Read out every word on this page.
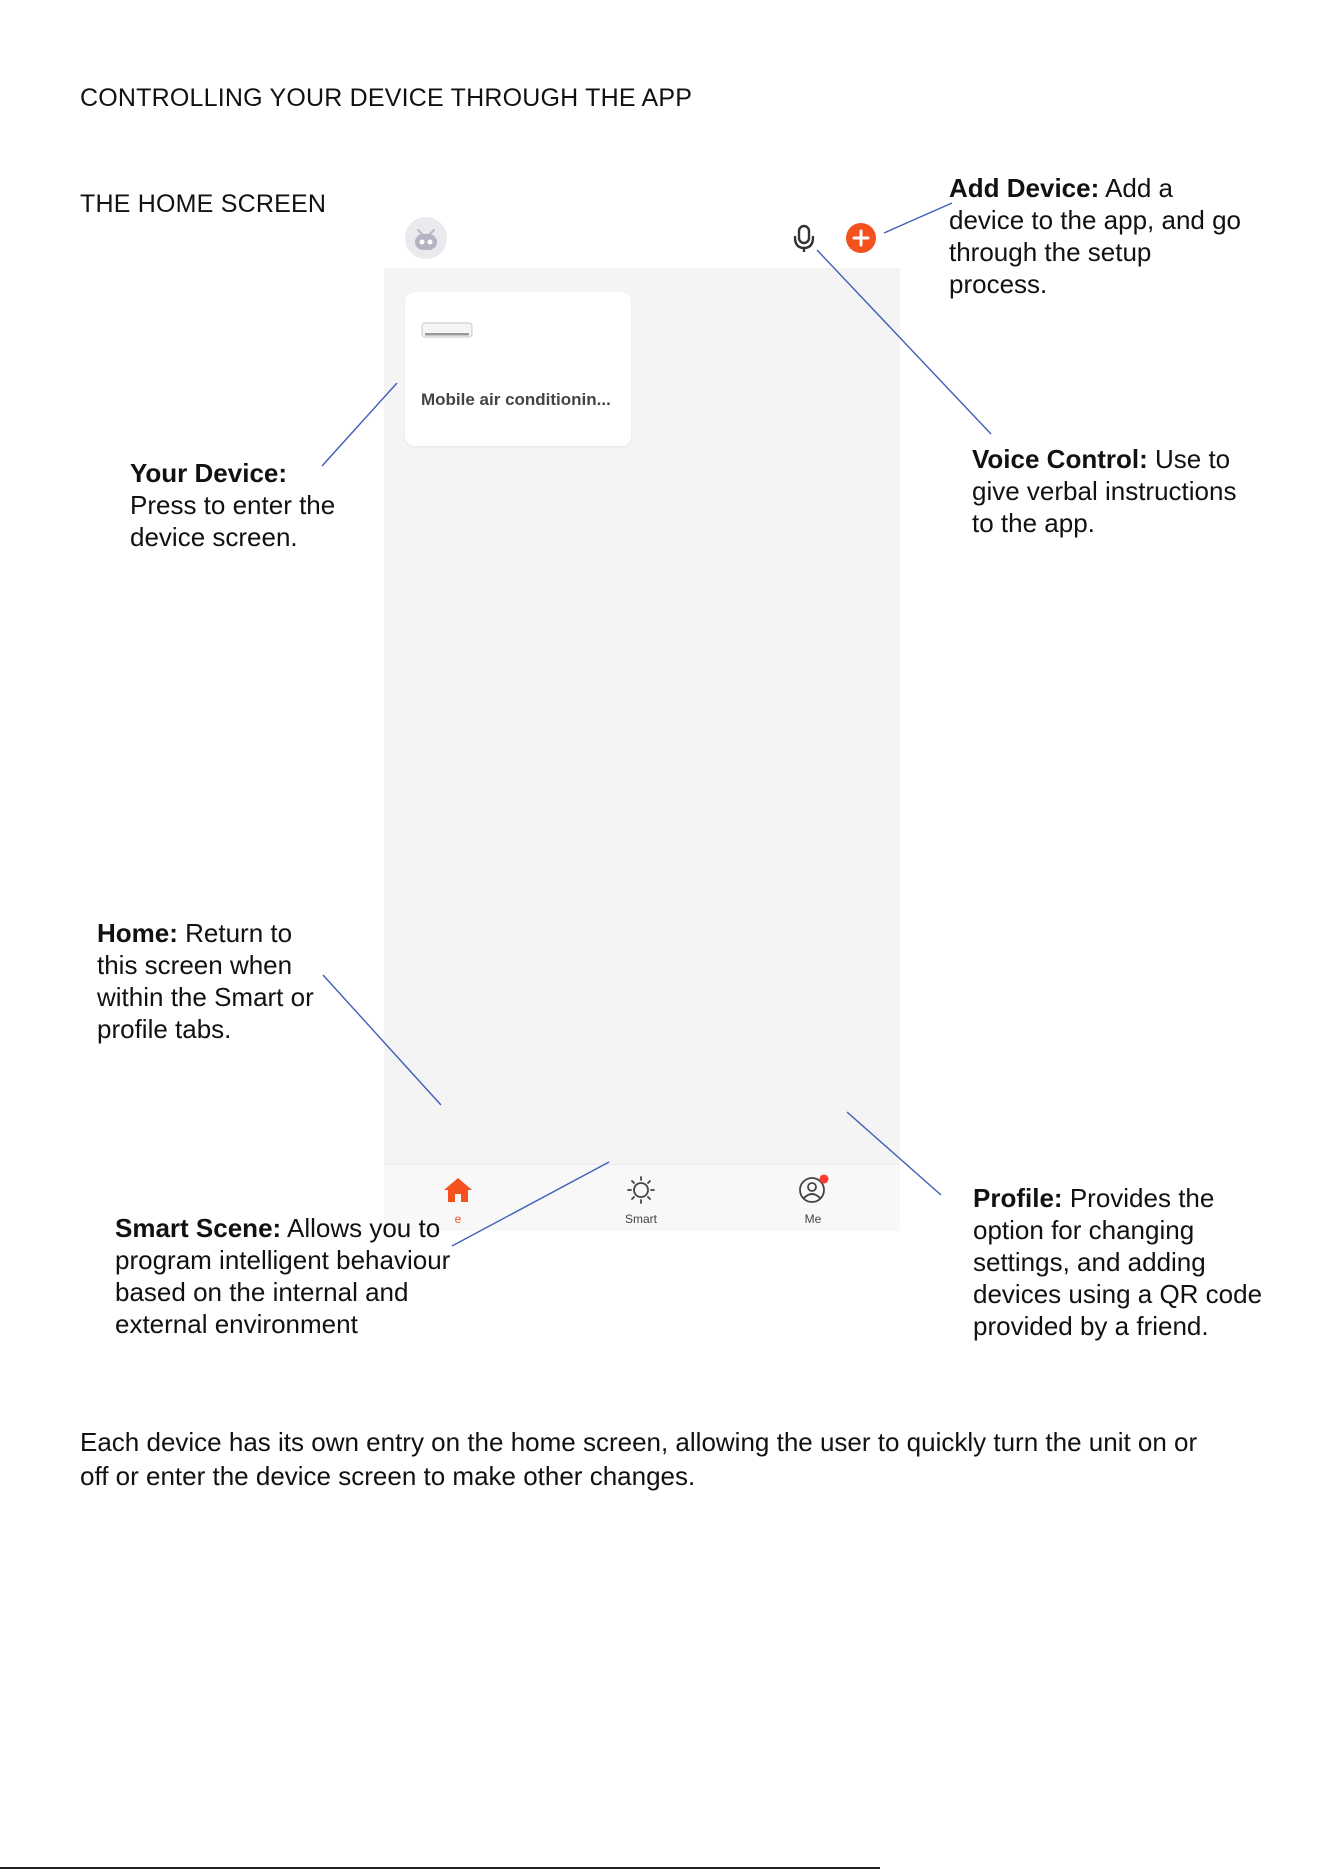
CONTROLLING YOUR DEVICE THROUGH THE APP
THE HOME SCREEN
Mobile air conditionin...
e	Smart	Me
Add Device: Add a
device to the app, and go
through the setup
process.
Voice Control: Use to
give verbal instructions
to the app.
Your Device:
Press to enter the
device screen.
Home: Return to
this screen when
within the Smart or
profile tabs.
Smart Scene: Allows you to
program intelligent behaviour
based on the internal and
external environment
Profile: Provides the
option for changing
settings, and adding
devices using a QR code
provided by a friend.
Each device has its own entry on the home screen, allowing the user to quickly turn the unit on or
off or enter the device screen to make other changes.
